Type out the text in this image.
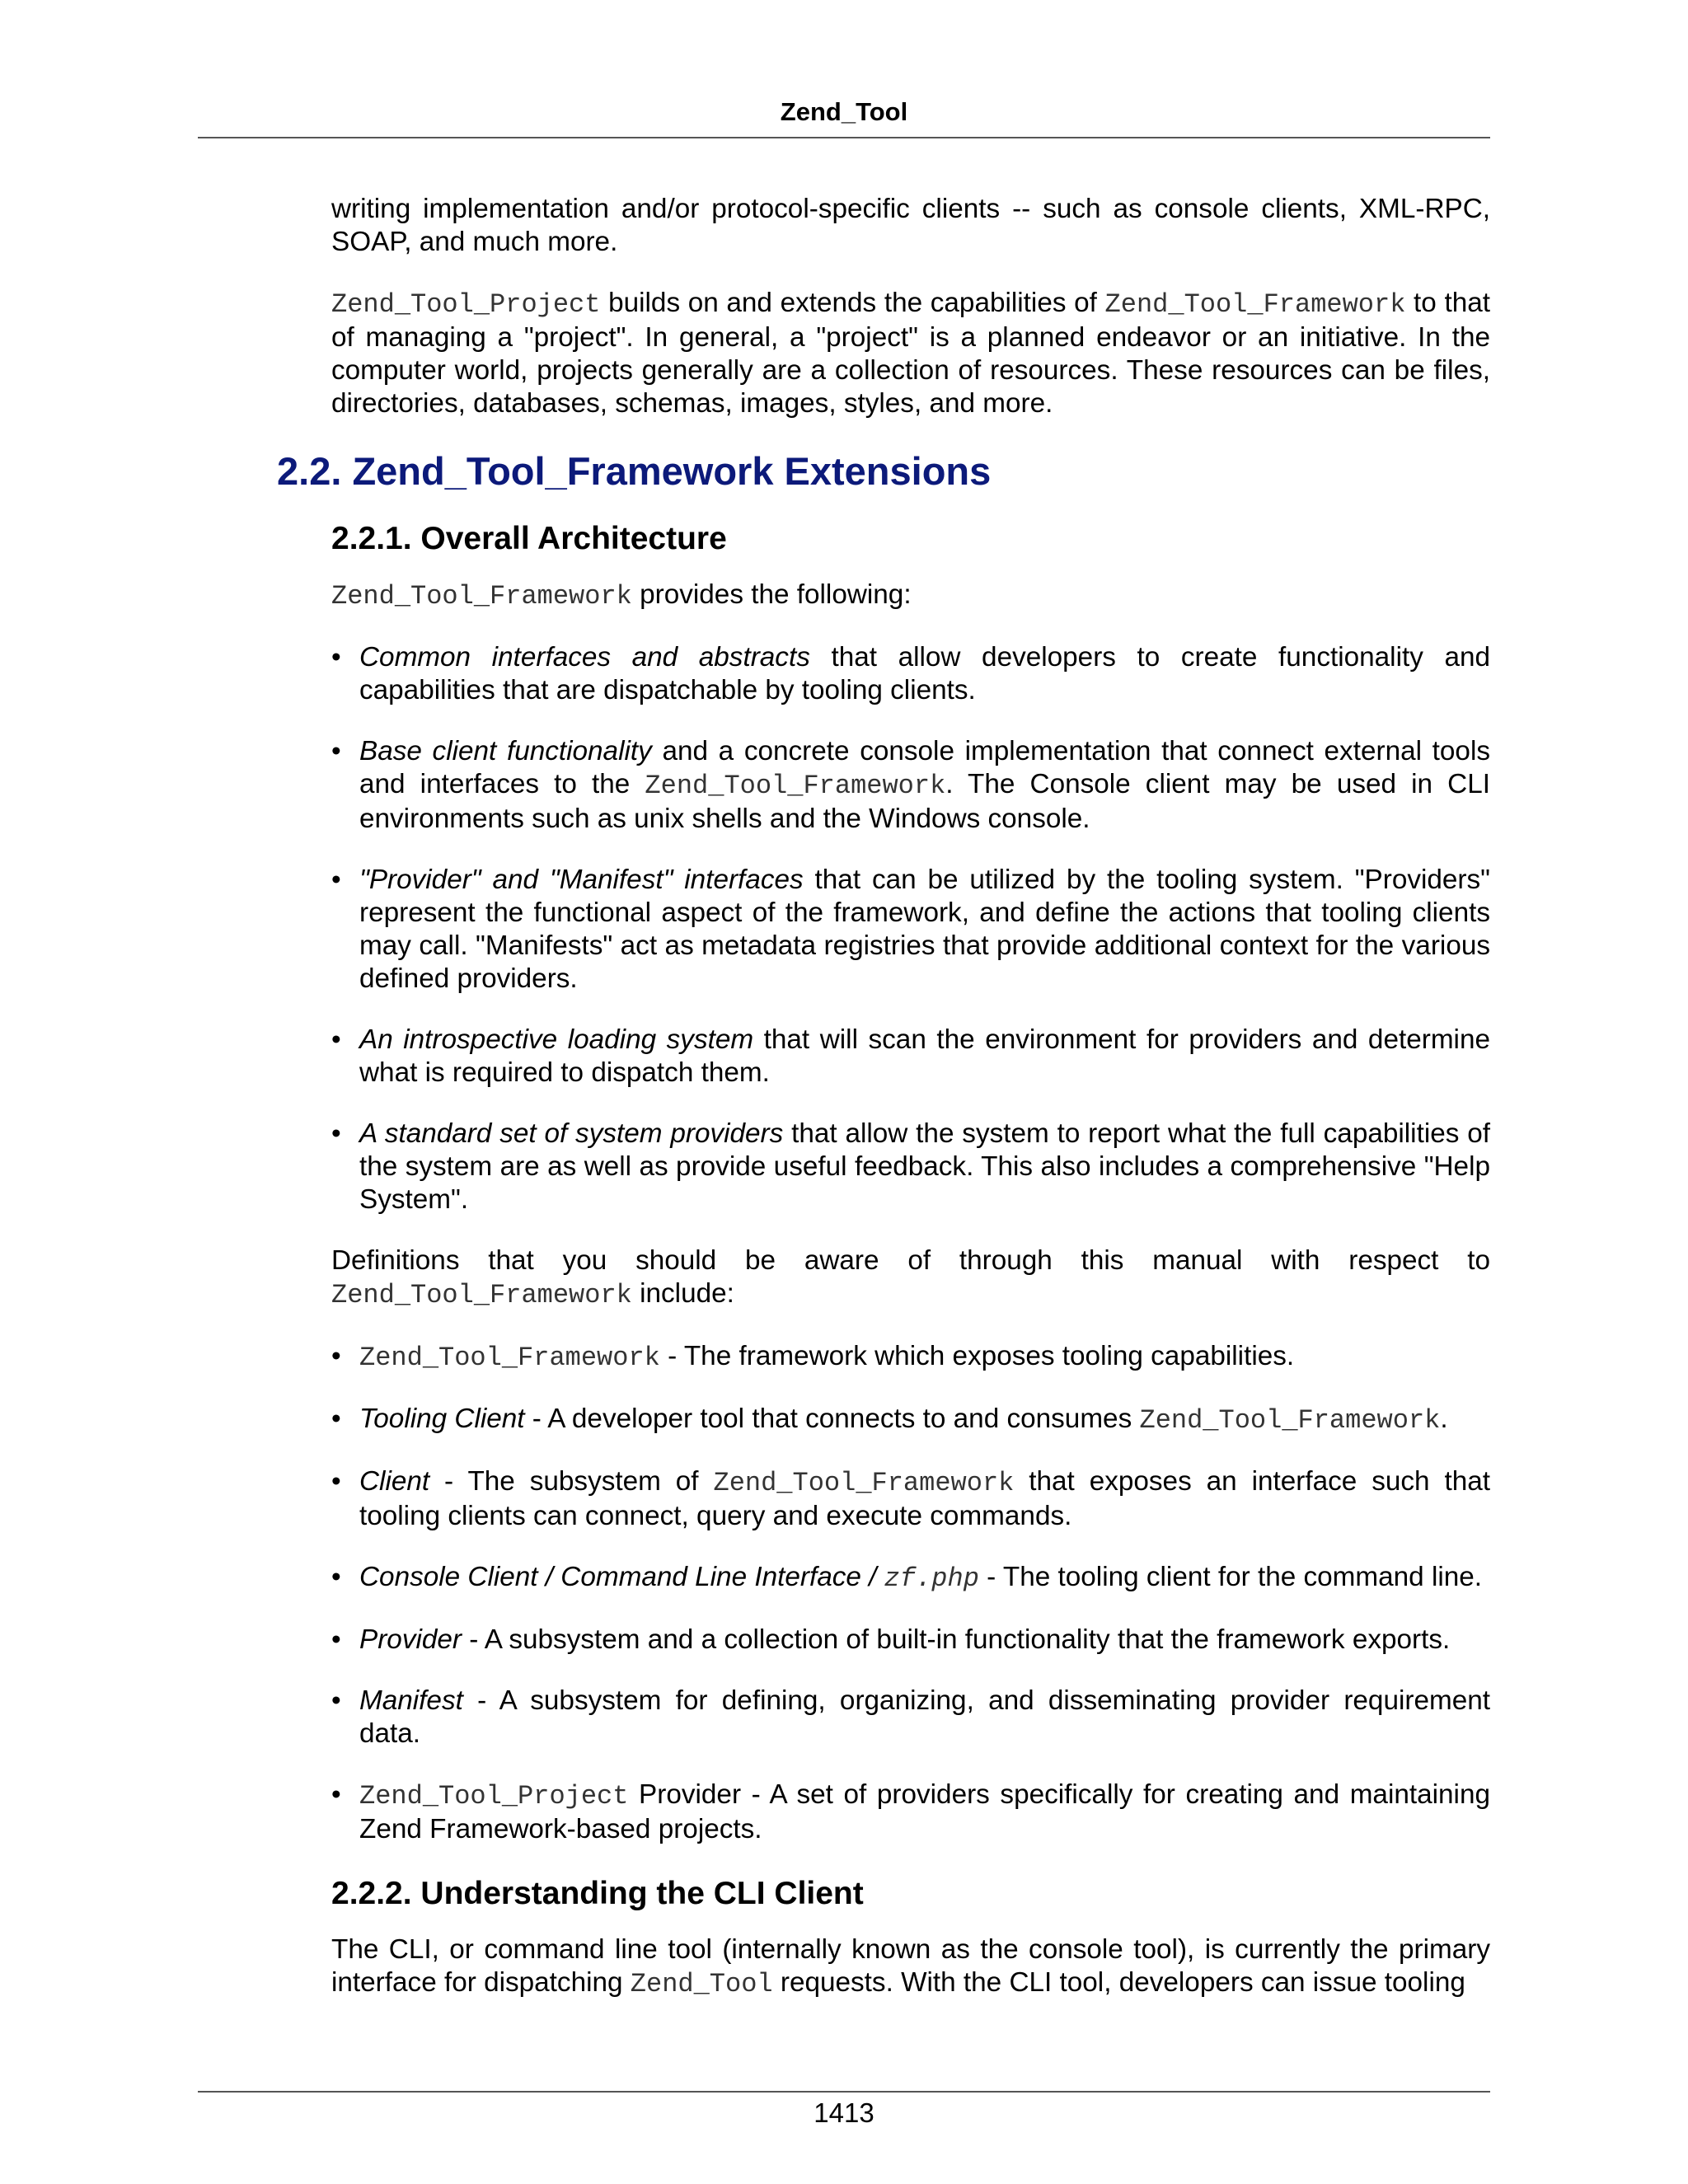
Zend_Tool

writing implementation and/or protocol-specific clients -- such as console clients, XML-RPC, SOAP, and much more.

Zend_Tool_Project builds on and extends the capabilities of Zend_Tool_Framework to that of managing a "project". In general, a "project" is a planned endeavor or an initiative. In the computer world, projects generally are a collection of resources. These resources can be files, directories, databases, schemas, images, styles, and more.

2.2. Zend_Tool_Framework Extensions
2.2.1. Overall Architecture

Zend_Tool_Framework provides the following:

• Common interfaces and abstracts that allow developers to create functionality and capabilities that are dispatchable by tooling clients.
• Base client functionality and a concrete console implementation that connect external tools and interfaces to the Zend_Tool_Framework. The Console client may be used in CLI environments such as unix shells and the Windows console.
• "Provider" and "Manifest" interfaces that can be utilized by the tooling system. "Providers" represent the functional aspect of the framework, and define the actions that tooling clients may call. "Manifests" act as metadata registries that provide additional context for the various defined providers.
• An introspective loading system that will scan the environment for providers and determine what is required to dispatch them.
• A standard set of system providers that allow the system to report what the full capabilities of the system are as well as provide useful feedback. This also includes a comprehensive "Help System".

Definitions that you should be aware of through this manual with respect to Zend_Tool_Framework include:

• Zend_Tool_Framework - The framework which exposes tooling capabilities.
• Tooling Client - A developer tool that connects to and consumes Zend_Tool_Framework.
• Client - The subsystem of Zend_Tool_Framework that exposes an interface such that tooling clients can connect, query and execute commands.
• Console Client / Command Line Interface / zf.php - The tooling client for the command line.
• Provider - A subsystem and a collection of built-in functionality that the framework exports.
• Manifest - A subsystem for defining, organizing, and disseminating provider requirement data.
• Zend_Tool_Project Provider - A set of providers specifically for creating and maintaining Zend Framework-based projects.
2.2.2. Understanding the CLI Client

The CLI, or command line tool (internally known as the console tool), is currently the primary interface for dispatching Zend_Tool requests. With the CLI tool, developers can issue tooling

1413
